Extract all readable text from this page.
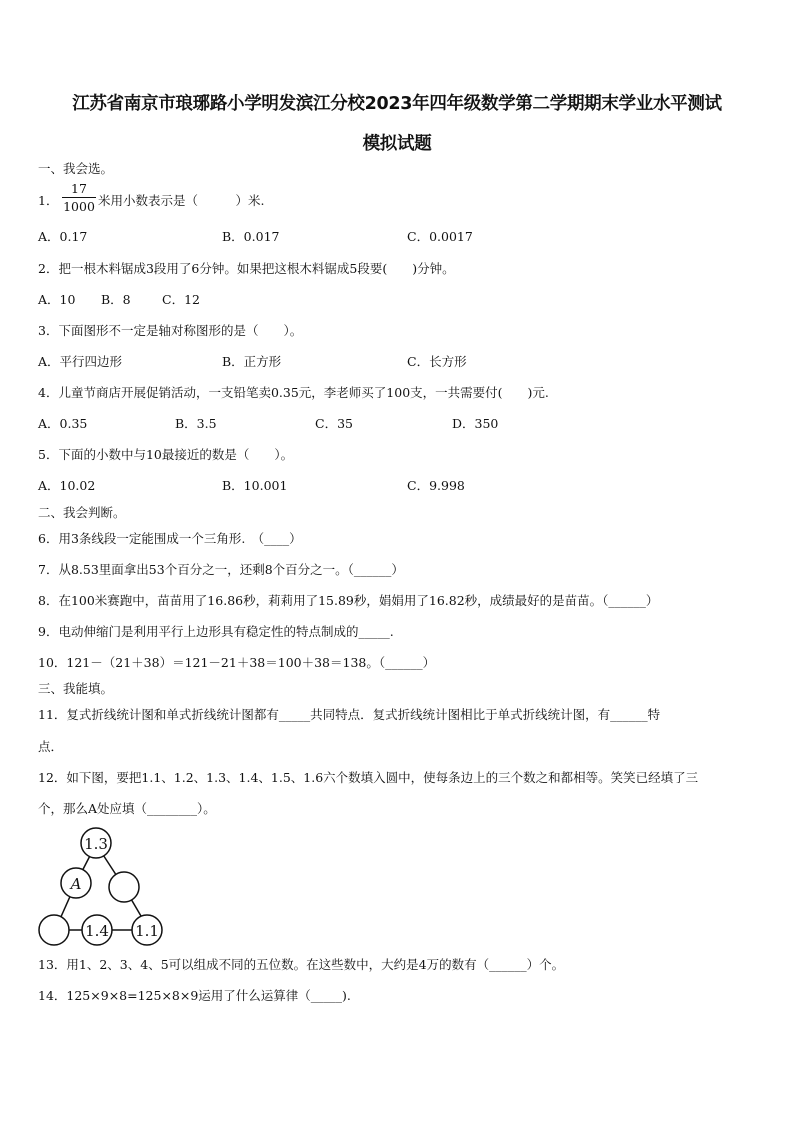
江苏省南京市琅琊路小学明发滨江分校2023年四年级数学第二学期期末学业水平测试
模拟试题
一、我会选。
1．
17
1000 米用小数表示是（　　　）米.
A．0.17	B．0.017	C．0.0017
2．把一根木料锯成3段用了6分钟。如果把这根木料锯成5段要(　　)分钟。
A．10 B．8	C．12
3．下面图形不一定是轴对称图形的是（　　）。
A．平行四边形	B．正方形	C．长方形
4．儿童节商店开展促销活动，一支铅笔卖0.35元，李老师买了100支，一共需要付(　　)元.
A．0.35	B．3.5	C．35	D．350
5．下面的小数中与10最接近的数是（　　）。
A．10.02	B．10.001	C．9.998
二、我会判断。
6．用3条线段一定能围成一个三角形.　（____）
7．从8.53里面拿出53个百分之一，还剩8个百分之一。（______）
8．在100米赛跑中，苗苗用了16.86秒，莉莉用了15.89秒，娟娟用了16.82秒，成绩最好的是苗苗。（______）
9．电动伸缩门是利用平行上边形具有稳定性的特点制成的_____.
10．121－（21＋38）＝121－21＋38＝100＋38＝138。（______）
三、我能填。
11．复式折线统计图和单式折线统计图都有_____共同特点．复式折线统计图相比于单式折线统计图，有______特
点．
12．如下图，要把1.1、1.2、1.3、1.4、1.5、1.6六个数填入圆中，使每条边上的三个数之和都相等。笑笑已经填了三
个，那么A处应填（________）。
1.3
A
1.4 1.1
13．用1、2、3、4、5可以组成不同的五位数。在这些数中，大约是4万的数有（______）个。
14．125×9×8=125×8×9运用了什么运算律（_____).
